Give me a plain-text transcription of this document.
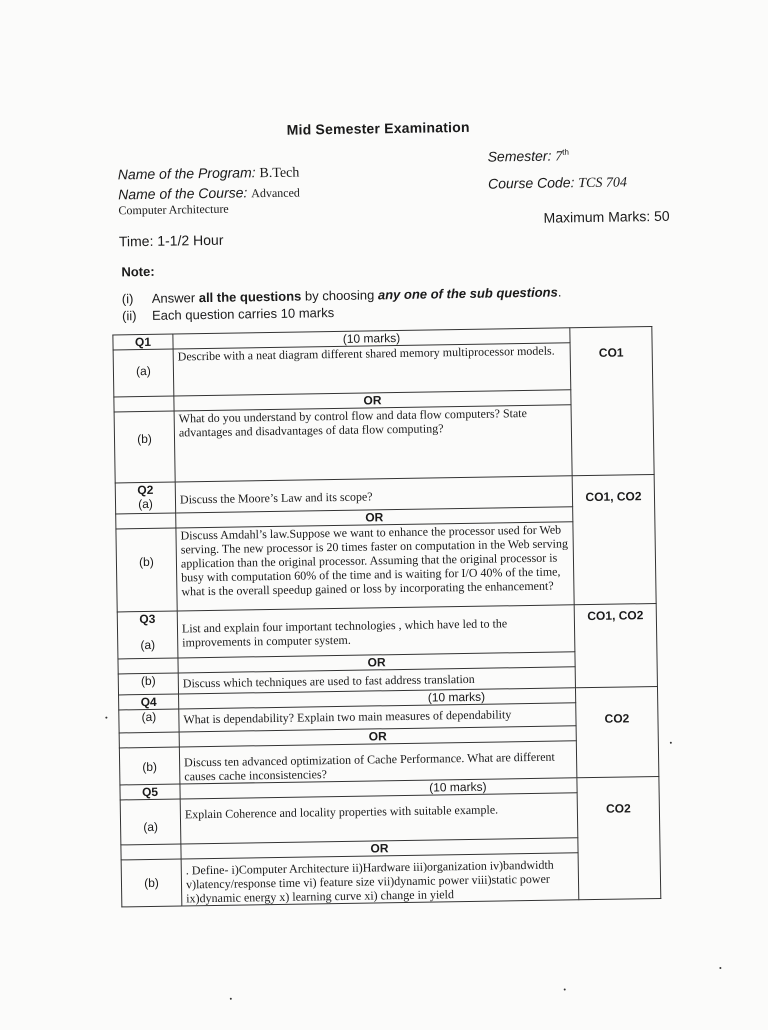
Mid Semester Examination
Name of the Program: B.Tech
Name of the Course: Advanced
Computer Architecture
Time: 1-1/2 Hour
Semester: 7th
Course Code: TCS 704
Maximum Marks: 50
Note:
(i) Answer all the questions by choosing any one of the sub questions.
(ii) Each question carries 10 marks
Q1	(10 marks)	CO1

(a)	Describe with a neat diagram different shared memory multiprocessor models.	
	OR	

(b)	What do you understand by control flow and data flow computers? State advantages and disadvantages of data flow computing?	

Q2
(a)	Discuss the Moore’s Law and its scope?	CO1, CO2
	OR	

(b)	Discuss Amdahl’s law.Suppose we want to enhance the processor used for Web serving. The new processor is 20 times faster on computation in the Web serving application than the original processor. Assuming that the original processor is busy with computation 60% of the time and is waiting for I/O 40% of the time, what is the overall speedup gained or loss by incorporating the enhancement?	

Q3
(a)	List and explain four important technologies , which have led to the improvements in computer system.	CO1, CO2
	OR	
(b)	Discuss which techniques are used to fast address translation	

Q4	(10 marks)	CO2
(a)	What is dependability? Explain two main measures of dependability	
	OR	

(b)	Discuss ten advanced optimization of Cache Performance. What are different causes cache inconsistencies?	

Q5	(10 marks)	CO2

(a)	Explain Coherence and locality properties with suitable example.	
	OR	

(b)	. Define- i)Computer Architecture ii)Hardware iii)organization iv)bandwidth v)latency/response time vi) feature size vii)dynamic power viii)static power ix)dynamic energy x) learning curve xi) change in yield	
